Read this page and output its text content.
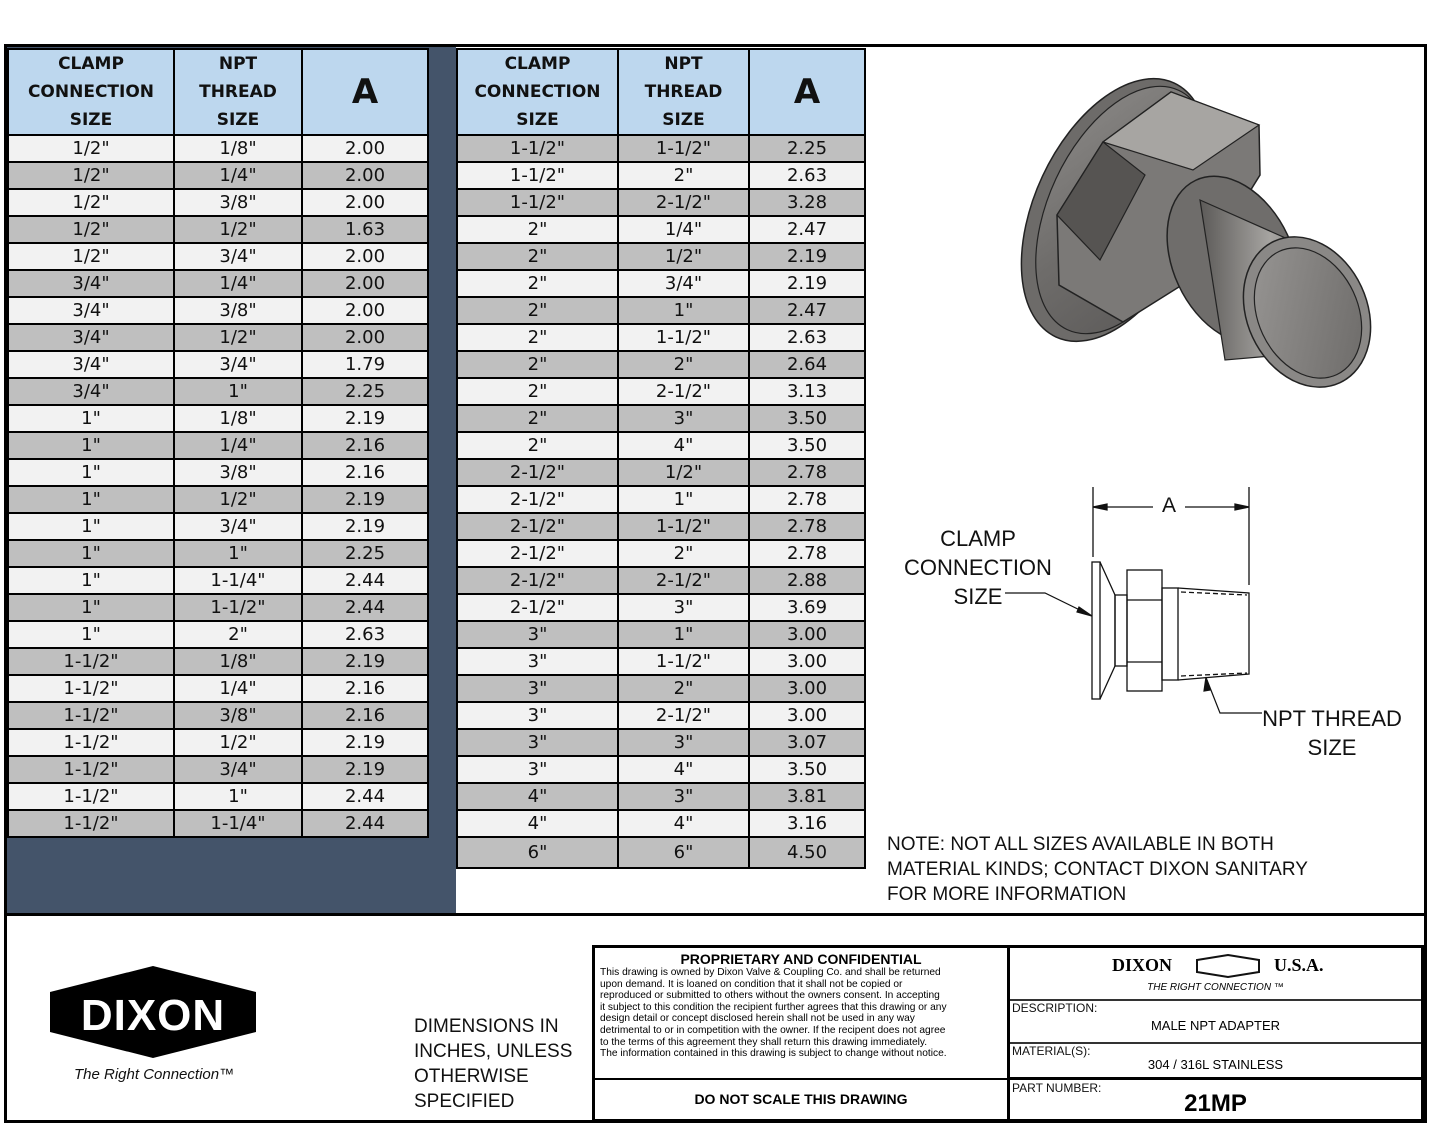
CLAMP
CONNECTION
SIZE

NPT
THREAD
SIZE
	A
1/2"	1/8"	2.00
1/2"	1/4"	2.00
1/2"	3/8"	2.00
1/2"	1/2"	1.63
1/2"	3/4"	2.00
3/4"	1/4"	2.00
3/4"	3/8"	2.00
3/4"	1/2"	2.00
3/4"	3/4"	1.79
3/4"	1"	2.25
1"	1/8"	2.19
1"	1/4"	2.16
1"	3/8"	2.16
1"	1/2"	2.19
1"	3/4"	2.19
1"	1"	2.25
1"	1-1/4"	2.44
1"	1-1/2"	2.44
1"	2"	2.63
1-1/2"	1/8"	2.19
1-1/2"	1/4"	2.16
1-1/2"	3/8"	2.16
1-1/2"	1/2"	2.19
1-1/2"	3/4"	2.19
1-1/2"	1"	2.44
1-1/2"	1-1/4"	2.44
CLAMP
CONNECTION
SIZE

NPT
THREAD
SIZE
	A
1-1/2"	1-1/2"	2.25
1-1/2"	2"	2.63
1-1/2"	2-1/2"	3.28
2"	1/4"	2.47
2"	1/2"	2.19
2"	3/4"	2.19
2"	1"	2.47
2"	1-1/2"	2.63
2"	2"	2.64
2"	2-1/2"	3.13
2"	3"	3.50
2"	4"	3.50
2-1/2"	1/2"	2.78
2-1/2"	1"	2.78
2-1/2"	1-1/2"	2.78
2-1/2"	2"	2.78
2-1/2"	2-1/2"	2.88
2-1/2"	3"	3.69
3"	1"	3.00
3"	1-1/2"	3.00
3"	2"	3.00
3"	2-1/2"	3.00
3"	3"	3.07
3"	4"	3.50
4"	3"	3.81
4"	4"	3.16
6"	6"	4.50
A
CLAMP
CONNECTION
SIZE
NPT THREAD
SIZE
NOTE: NOT ALL SIZES AVAILABLE IN BOTH
MATERIAL KINDS; CONTACT DIXON SANITARY
FOR MORE INFORMATION
DIXON
The Right Connection™
DIMENSIONS IN
INCHES, UNLESS
OTHERWISE
SPECIFIED
PROPRIETARY AND CONFIDENTIAL
This drawing is owned by Dixon Valve & Coupling Co. and shall be returned
upon demand. It is loaned on condition that it shall not be copied or
reproduced or submitted to others without the owners consent. In accepting
it subject to this condition the recipient further agrees that this drawing or any
design detail or concept disclosed herein shall not be used in any way
detrimental to or in competition with the owner. If the recipent does not agree
to the terms of this agreement they shall return this drawing immediately.
The information contained in this drawing is subject to change without notice.
DO NOT SCALE THIS DRAWING
DIXON	U.S.A.
THE RIGHT CONNECTION ™
DESCRIPTION:
MALE NPT ADAPTER
MATERIAL(S):
304 / 316L STAINLESS
PART NUMBER:
21MP
